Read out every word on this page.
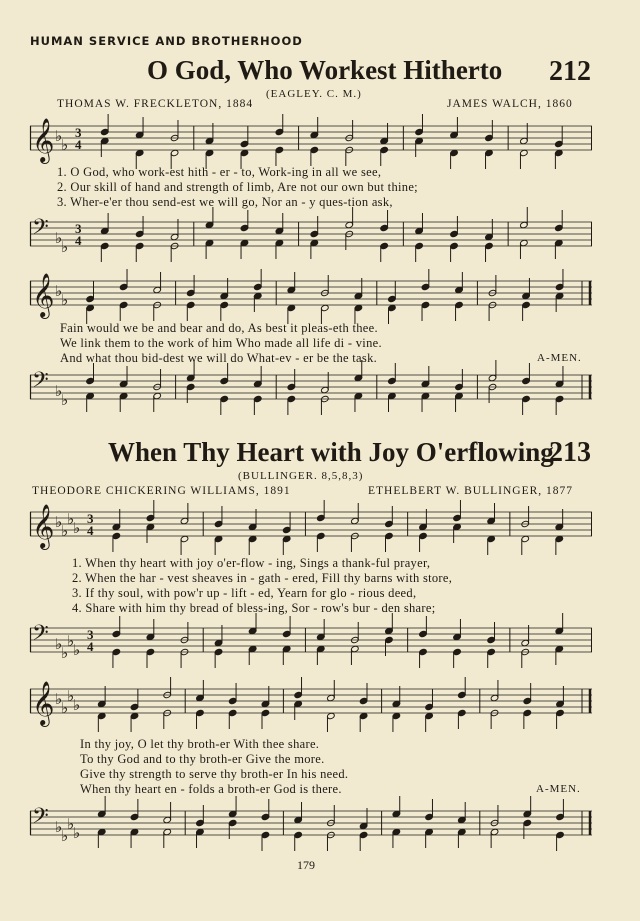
HUMAN SERVICE AND BROTHERHOOD
O God, Who Workest Hitherto 212
(EAGLEY. C. M.)
THOMAS W. FRECKLETON, 1884	JAMES WALCH, 1860
𝄞 ♭
♭
3
4
1. O God, who work-est hith - er - to, Work-ing in all we see,
2. Our skill of hand and strength of limb, Are not our own but thine;
3. Wher-e'er thou send-est we will go, Nor an - y ques-tion ask,
𝄢 ♭
♭
3
4
𝄞 ♭
♭
Fain would we be and bear and do, As best it pleas-eth thee.
We link them to the work of him Who made all life di - vine.
And what thou bid-dest we will do What-ev - er be the task.	A-MEN.
𝄢 ♭
♭
When Thy Heart with Joy O'erflowing
213
(BULLINGER. 8,5,8,3)
THEODORE CHICKERING WILLIAMS, 1891	ETHELBERT W. BULLINGER, 1877
𝄞 ♭
♭
♭
♭
3
4
1. When thy heart with joy o'er-flow - ing, Sings a thank-ful prayer,
2. When the har - vest sheaves in - gath - ered, Fill thy barns with store,
3. If thy soul, with pow'r up - lift - ed, Yearn for glo - rious deed,
4. Share with him thy bread of bless-ing, Sor - row's bur - den share;
𝄢 ♭
♭
♭
♭
3
4
𝄞 ♭
♭
♭
♭
In thy joy, O let thy broth-er With thee share.
To thy God and to thy broth-er Give the more.
Give thy strength to serve thy broth-er In his need.
When thy heart en - folds a broth-er God is there.	A-MEN.
𝄢 ♭
♭
♭
♭
179
